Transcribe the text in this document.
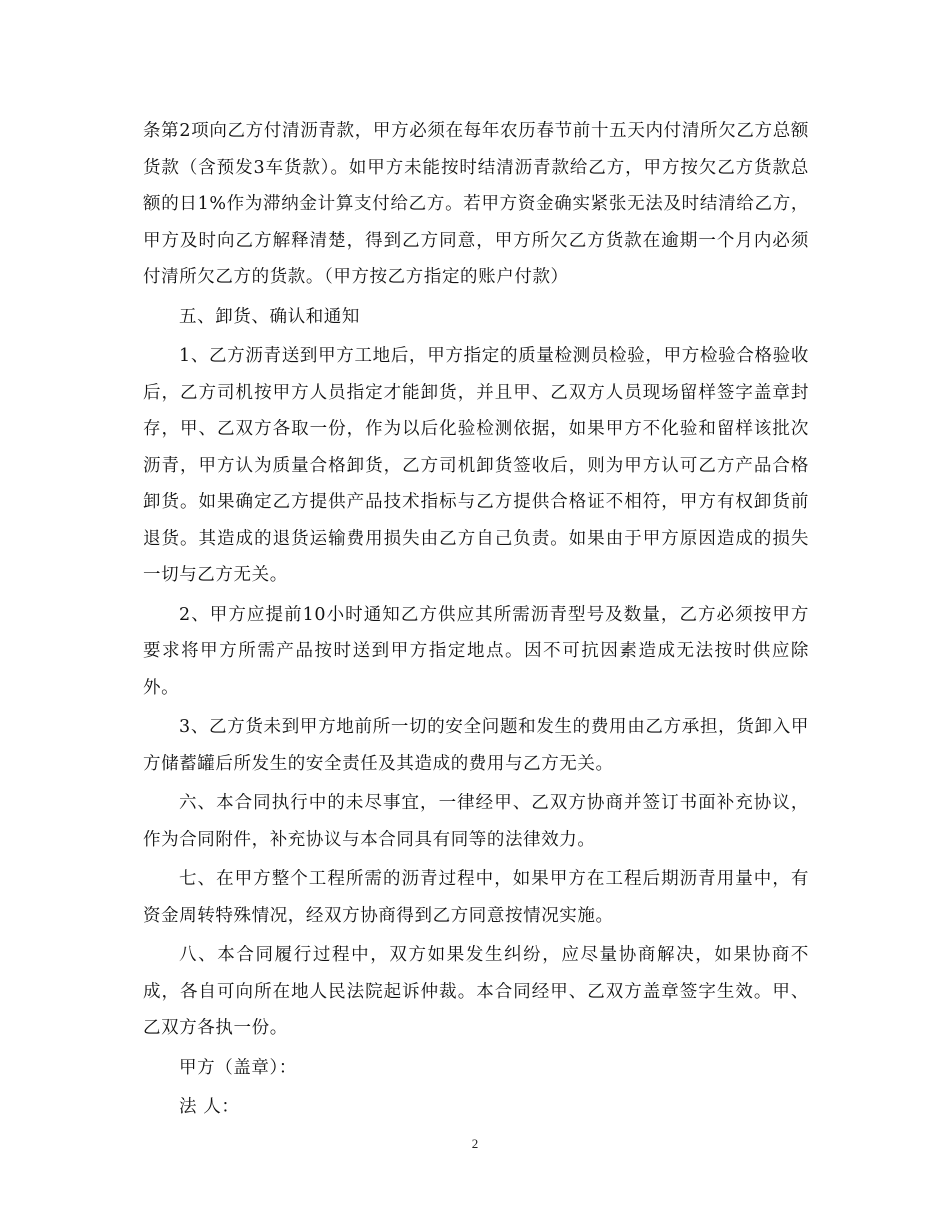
条第2项向乙方付清沥青款，甲方必须在每年农历春节前十五天内付清所欠乙方总额货款（含预发3车货款）。如甲方未能按时结清沥青款给乙方，甲方按欠乙方货款总额的日1%作为滞纳金计算支付给乙方。若甲方资金确实紧张无法及时结清给乙方，甲方及时向乙方解释清楚，得到乙方同意，甲方所欠乙方货款在逾期一个月内必须付清所欠乙方的货款。（甲方按乙方指定的账户付款）

五、卸货、确认和通知

1、乙方沥青送到甲方工地后，甲方指定的质量检测员检验，甲方检验合格验收后，乙方司机按甲方人员指定才能卸货，并且甲、乙双方人员现场留样签字盖章封存，甲、乙双方各取一份，作为以后化验检测依据，如果甲方不化验和留样该批次沥青，甲方认为质量合格卸货，乙方司机卸货签收后，则为甲方认可乙方产品合格卸货。如果确定乙方提供产品技术指标与乙方提供合格证不相符，甲方有权卸货前退货。其造成的退货运输费用损失由乙方自己负责。如果由于甲方原因造成的损失一切与乙方无关。

2、甲方应提前10小时通知乙方供应其所需沥青型号及数量，乙方必须按甲方要求将甲方所需产品按时送到甲方指定地点。因不可抗因素造成无法按时供应除外。

3、乙方货未到甲方地前所一切的安全问题和发生的费用由乙方承担，货卸入甲方储蓄罐后所发生的安全责任及其造成的费用与乙方无关。

六、本合同执行中的未尽事宜，一律经甲、乙双方协商并签订书面补充协议，作为合同附件，补充协议与本合同具有同等的法律效力。

七、在甲方整个工程所需的沥青过程中，如果甲方在工程后期沥青用量中，有资金周转特殊情况，经双方协商得到乙方同意按情况实施。

八、本合同履行过程中，双方如果发生纠纷，应尽量协商解决，如果协商不成，各自可向所在地人民法院起诉仲裁。本合同经甲、乙双方盖章签字生效。甲、乙双方各执一份。

甲方（盖章）：

法 人：

2
